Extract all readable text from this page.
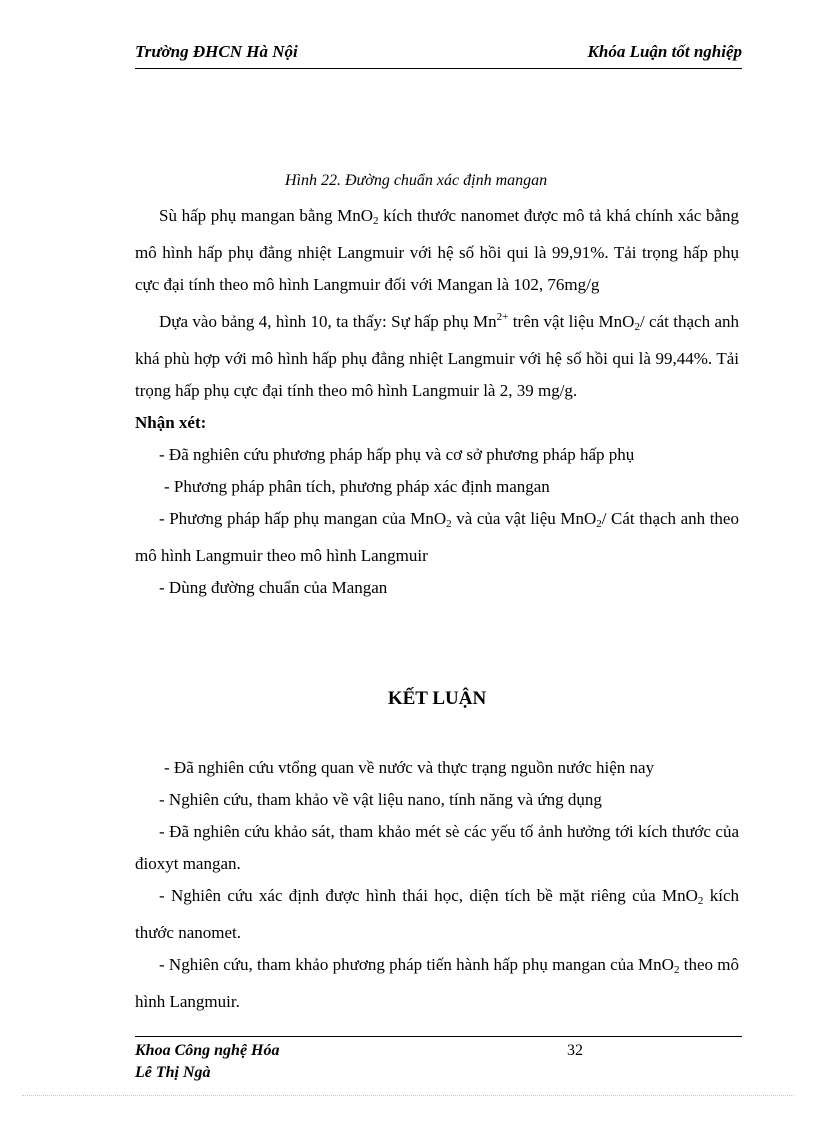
Trường ĐHCN Hà Nội	Khóa Luận tốt nghiệp
Hình 22. Đường chuẩn xác định mangan

Sù hấp phụ mangan bằng MnO$_2$ kích thước nanomet được mô tả khá chính xác bằng mô hình hấp phụ đẳng nhiệt Langmuir với hệ số hồi qui là 99,91%. Tải trọng hấp phụ cực đại tính theo mô hình Langmuir đối với Mangan là 102, 76mg/g

Dựa vào bảng 4, hình 10, ta thấy: Sự hấp phụ $Mn^{2+}$ trên vật liệu MnO$_2$/ cát thạch anh khá phù hợp với mô hình hấp phụ đẳng nhiệt Langmuir với hệ số hồi qui là 99,44%. Tải trọng hấp phụ cực đại tính theo mô hình Langmuir là 2, 39 mg/g.

Nhận xét:

- Đã nghiên cứu phương pháp hấp phụ và cơ sở phương pháp hấp phụ

- Phương pháp phân tích, phương pháp xác định mangan

- Phương pháp hấp phụ mangan của MnO$_2$ và của vật liệu MnO$_2$/ Cát thạch anh theo mô hình Langmuir theo mô hình Langmuir

- Dùng đường chuẩn của Mangan

KẾT LUẬN

- Đã nghiên cứu vtổng quan về nước và thực trạng nguồn nước hiện nay

- Nghiên cứu, tham khảo về vật liệu nano, tính năng và ứng dụng

- Đã nghiên cứu khảo sát, tham khảo mét sè các yếu tố ảnh hưởng tới kích thước của đioxyt mangan.

- Nghiên cứu xác định được hình thái học, diện tích bề mặt riêng của MnO$_2$ kích thước nanomet.

- Nghiên cứu, tham khảo phương pháp tiến hành hấp phụ mangan của MnO$_2$ theo mô hình Langmuir.

Khoa Công nghệ Hóa
Lê Thị Ngà
32
